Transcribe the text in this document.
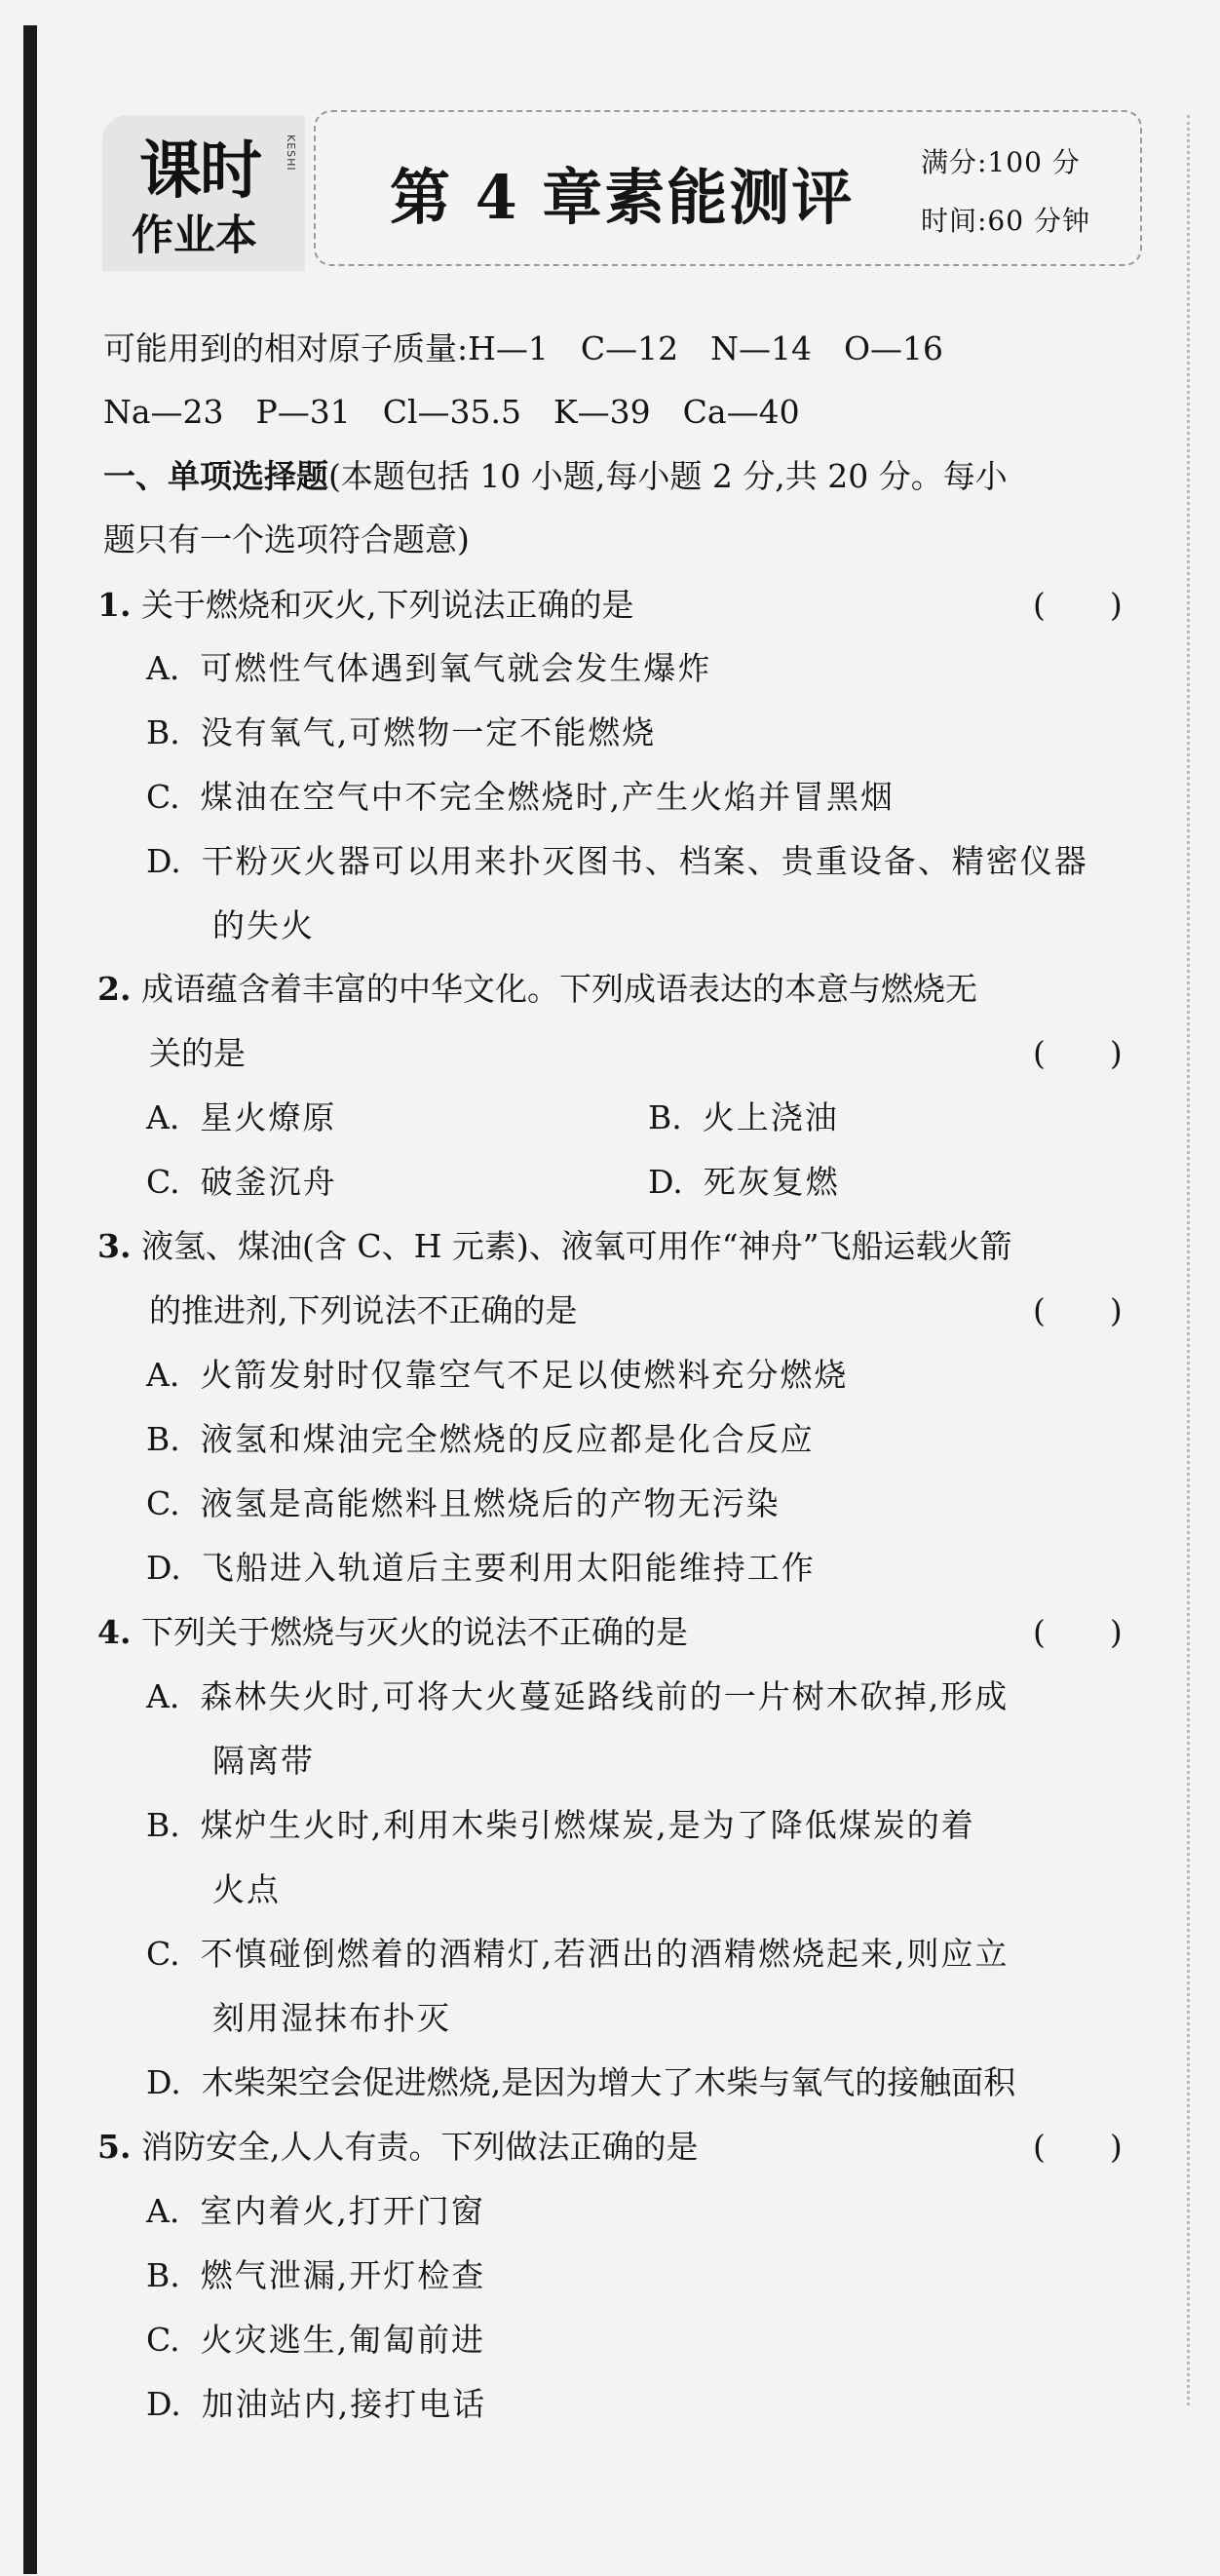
课时 KESHI
作业本
第 4 章素能测评 满分:100 分
时间:60 分钟
可能用到的相对原子质量:H—1　C—12　N—14　O—16
Na—23　P—31　Cl—35.5　K—39　Ca—40
一、单项选择题(本题包括 10 小题,每小题 2 分,共 20 分。每小
题只有一个选项符合题意)
1. 关于燃烧和灭火,下列说法正确的是	(　　)
A. 可燃性气体遇到氧气就会发生爆炸
B. 没有氧气,可燃物一定不能燃烧
C. 煤油在空气中不完全燃烧时,产生火焰并冒黑烟
D. 干粉灭火器可以用来扑灭图书、档案、贵重设备、精密仪器
的失火
2. 成语蕴含着丰富的中华文化。下列成语表达的本意与燃烧无
关的是	(　　)
A. 星火燎原	B. 火上浇油
C. 破釜沉舟	D. 死灰复燃
3. 液氢、煤油(含 C、H 元素)、液氧可用作“神舟”飞船运载火箭
的推进剂,下列说法不正确的是	(　　)
A. 火箭发射时仅靠空气不足以使燃料充分燃烧
B. 液氢和煤油完全燃烧的反应都是化合反应
C. 液氢是高能燃料且燃烧后的产物无污染
D. 飞船进入轨道后主要利用太阳能维持工作
4. 下列关于燃烧与灭火的说法不正确的是	(　　)
A. 森林失火时,可将大火蔓延路线前的一片树木砍掉,形成
隔离带
B. 煤炉生火时,利用木柴引燃煤炭,是为了降低煤炭的着
火点
C. 不慎碰倒燃着的酒精灯,若洒出的酒精燃烧起来,则应立
刻用湿抹布扑灭
D. 木柴架空会促进燃烧,是因为增大了木柴与氧气的接触面积
5. 消防安全,人人有责。下列做法正确的是	(　　)
A. 室内着火,打开门窗
B. 燃气泄漏,开灯检查
C. 火灾逃生,匍匐前进
D. 加油站内,接打电话
